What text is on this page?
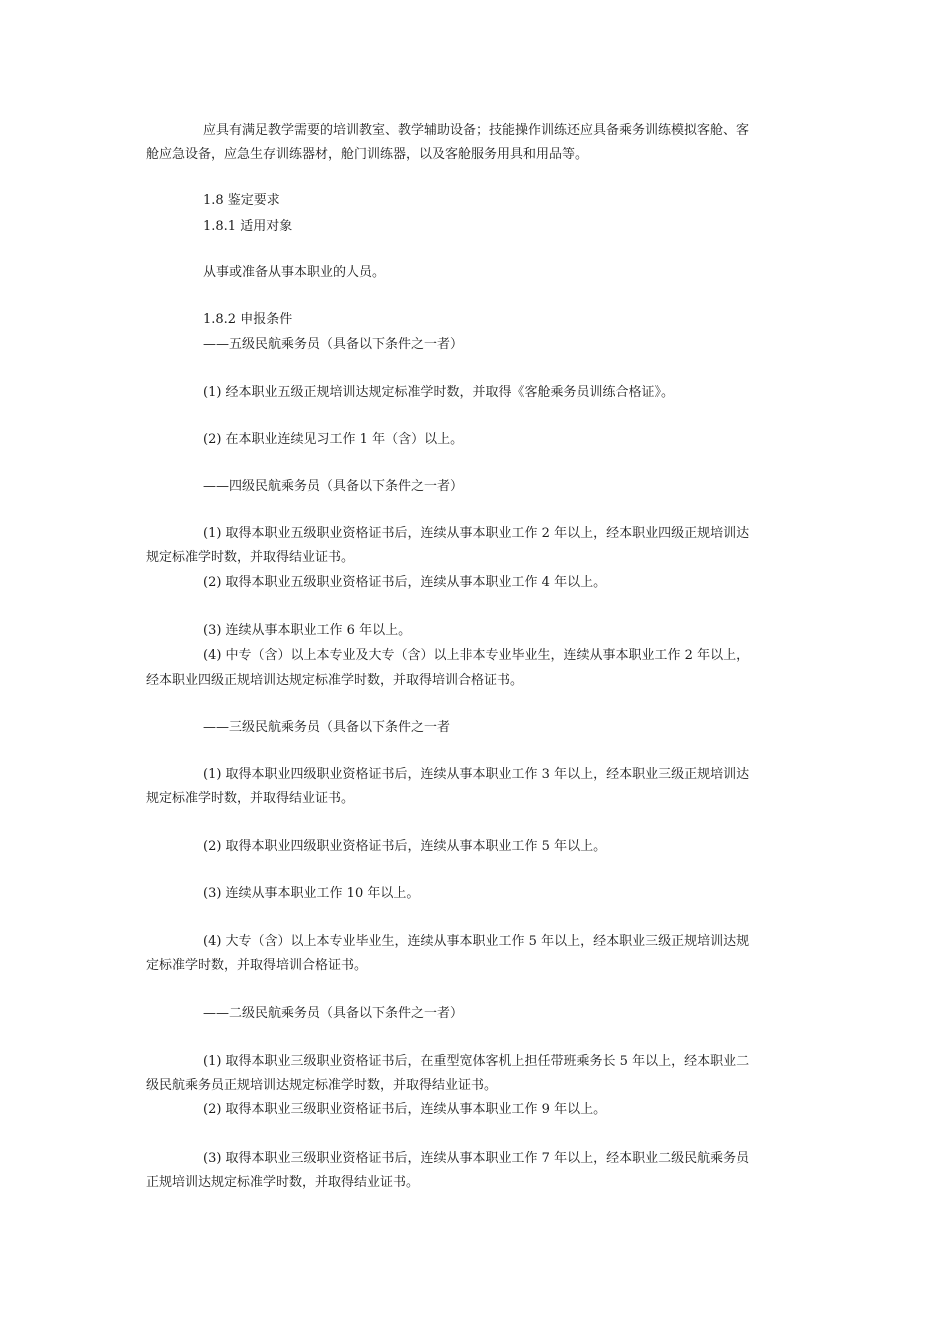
应具有满足教学需要的培训教室、教学辅助设备；技能操作训练还应具备乘务训练模拟客舱、客
舱应急设备，应急生存训练器材，舱门训练器，以及客舱服务用具和用品等。
1.8 鉴定要求
1.8.1 适用对象
从事或准备从事本职业的人员。
1.8.2 申报条件
——五级民航乘务员（具备以下条件之一者）
(1) 经本职业五级正规培训达规定标准学时数，并取得《客舱乘务员训练合格证》。
(2) 在本职业连续见习工作 1 年（含）以上。
——四级民航乘务员（具备以下条件之一者）
(1) 取得本职业五级职业资格证书后，连续从事本职业工作 2 年以上，经本职业四级正规培训达
规定标准学时数，并取得结业证书。
(2) 取得本职业五级职业资格证书后，连续从事本职业工作 4 年以上。
(3) 连续从事本职业工作 6 年以上。
(4) 中专（含）以上本专业及大专（含）以上非本专业毕业生，连续从事本职业工作 2 年以上，
经本职业四级正规培训达规定标准学时数，并取得培训合格证书。
——三级民航乘务员（具备以下条件之一者
(1) 取得本职业四级职业资格证书后，连续从事本职业工作 3 年以上，经本职业三级正规培训达
规定标准学时数，并取得结业证书。
(2) 取得本职业四级职业资格证书后，连续从事本职业工作 5 年以上。
(3) 连续从事本职业工作 10 年以上。
(4) 大专（含）以上本专业毕业生，连续从事本职业工作 5 年以上，经本职业三级正规培训达规
定标准学时数，并取得培训合格证书。
——二级民航乘务员（具备以下条件之一者）
(1) 取得本职业三级职业资格证书后，在重型宽体客机上担任带班乘务长 5 年以上，经本职业二
级民航乘务员正规培训达规定标准学时数，并取得结业证书。
(2) 取得本职业三级职业资格证书后，连续从事本职业工作 9 年以上。
(3) 取得本职业三级职业资格证书后，连续从事本职业工作 7 年以上，经本职业二级民航乘务员
正规培训达规定标准学时数，并取得结业证书。
